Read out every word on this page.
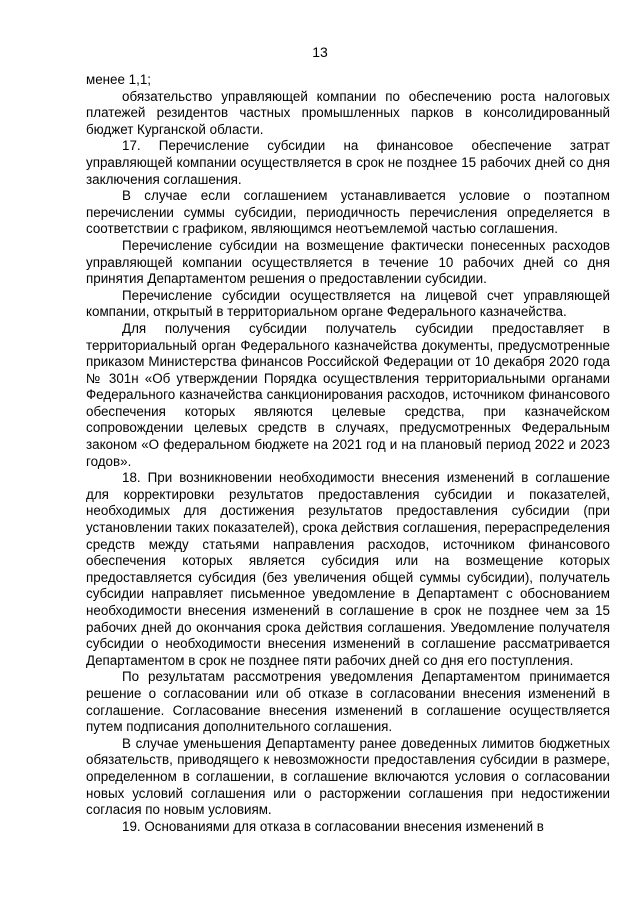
13

менее 1,1;

обязательство управляющей компании по обеспечению роста налоговых платежей резидентов частных промышленных парков в консолидированный бюджет Курганской области.

17. Перечисление субсидии на финансовое обеспечение затрат управляющей компании осуществляется в срок не позднее 15 рабочих дней со дня заключения соглашения.

В случае если соглашением устанавливается условие о поэтапном перечислении суммы субсидии, периодичность перечисления определяется в соответствии с графиком, являющимся неотъемлемой частью соглашения.

Перечисление субсидии на возмещение фактически понесенных расходов управляющей компании осуществляется в течение 10 рабочих дней со дня принятия Департаментом решения о предоставлении субсидии.

Перечисление субсидии осуществляется на лицевой счет управляющей компании, открытый в территориальном органе Федерального казначейства.

Для получения субсидии получатель субсидии предоставляет в территориальный орган Федерального казначейства документы, предусмотренные приказом Министерства финансов Российской Федерации от 10 декабря 2020 года № 301н «Об утверждении Порядка осуществления территориальными органами Федерального казначейства санкционирования расходов, источником финансового обеспечения которых являются целевые средства, при казначейском сопровождении целевых средств в случаях, предусмотренных Федеральным законом «О федеральном бюджете на 2021 год и на плановый период 2022 и 2023 годов».

18. При возникновении необходимости внесения изменений в соглашение для корректировки результатов предоставления субсидии и показателей, необходимых для достижения результатов предоставления субсидии (при установлении таких показателей), срока действия соглашения, перераспределения средств между статьями направления расходов, источником финансового обеспечения которых является субсидия или на возмещение которых предоставляется субсидия (без увеличения общей суммы субсидии), получатель субсидии направляет письменное уведомление в Департамент с обоснованием необходимости внесения изменений в соглашение в срок не позднее чем за 15 рабочих дней до окончания срока действия соглашения. Уведомление получателя субсидии о необходимости внесения изменений в соглашение рассматривается Департаментом в срок не позднее пяти рабочих дней со дня его поступления.

По результатам рассмотрения уведомления Департаментом принимается решение о согласовании или об отказе в согласовании внесения изменений в соглашение. Согласование внесения изменений в соглашение осуществляется путем подписания дополнительного соглашения.

В случае уменьшения Департаменту ранее доведенных лимитов бюджетных обязательств, приводящего к невозможности предоставления субсидии в размере, определенном в соглашении, в соглашение включаются условия о согласовании новых условий соглашения или о расторжении соглашения при недостижении согласия по новым условиям.

19. Основаниями для отказа в согласовании внесения изменений в
